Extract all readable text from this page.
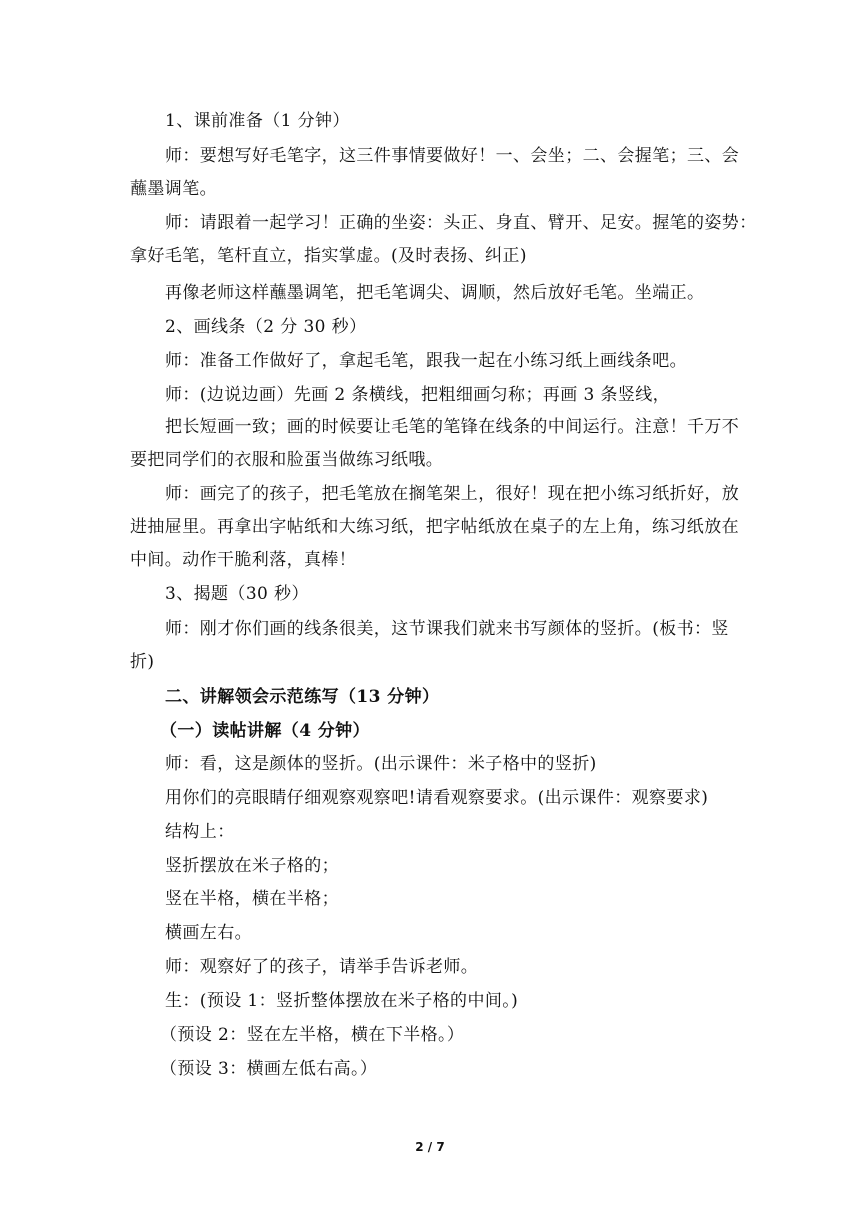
1、课前准备（1 分钟）
师：要想写好毛笔字，这三件事情要做好！一、会坐；二、会握笔；三、会
蘸墨调笔。
师：请跟着一起学习！正确的坐姿：头正、身直、臂开、足安。握笔的姿势：
拿好毛笔，笔杆直立，指实掌虚。(及时表扬、纠正)
再像老师这样蘸墨调笔，把毛笔调尖、调顺，然后放好毛笔。坐端正。
2、画线条（2 分 30 秒）
师：准备工作做好了，拿起毛笔，跟我一起在小练习纸上画线条吧。
师：(边说边画）先画 2 条横线，把粗细画匀称；再画 3 条竖线，
把长短画一致；画的时候要让毛笔的笔锋在线条的中间运行。注意！千万不
要把同学们的衣服和脸蛋当做练习纸哦。
师：画完了的孩子，把毛笔放在搁笔架上，很好！现在把小练习纸折好，放
进抽屉里。再拿出字帖纸和大练习纸，把字帖纸放在桌子的左上角，练习纸放在
中间。动作干脆利落，真棒！
3、揭题（30 秒）
师：刚才你们画的线条很美，这节课我们就来书写颜体的竖折。(板书：竖
折)
二、讲解领会示范练写（13 分钟）
（一）读帖讲解（4 分钟）
师：看，这是颜体的竖折。(出示课件：米子格中的竖折)
用你们的亮眼睛仔细观察观察吧!请看观察要求。(出示课件：观察要求)
结构上：
竖折摆放在米子格的；
竖在半格，横在半格；
横画左右。
师：观察好了的孩子，请举手告诉老师。
生：(预设 1：竖折整体摆放在米子格的中间。)
（预设 2：竖在左半格，横在下半格。）
（预设 3：横画左低右高。）
2 / 7
